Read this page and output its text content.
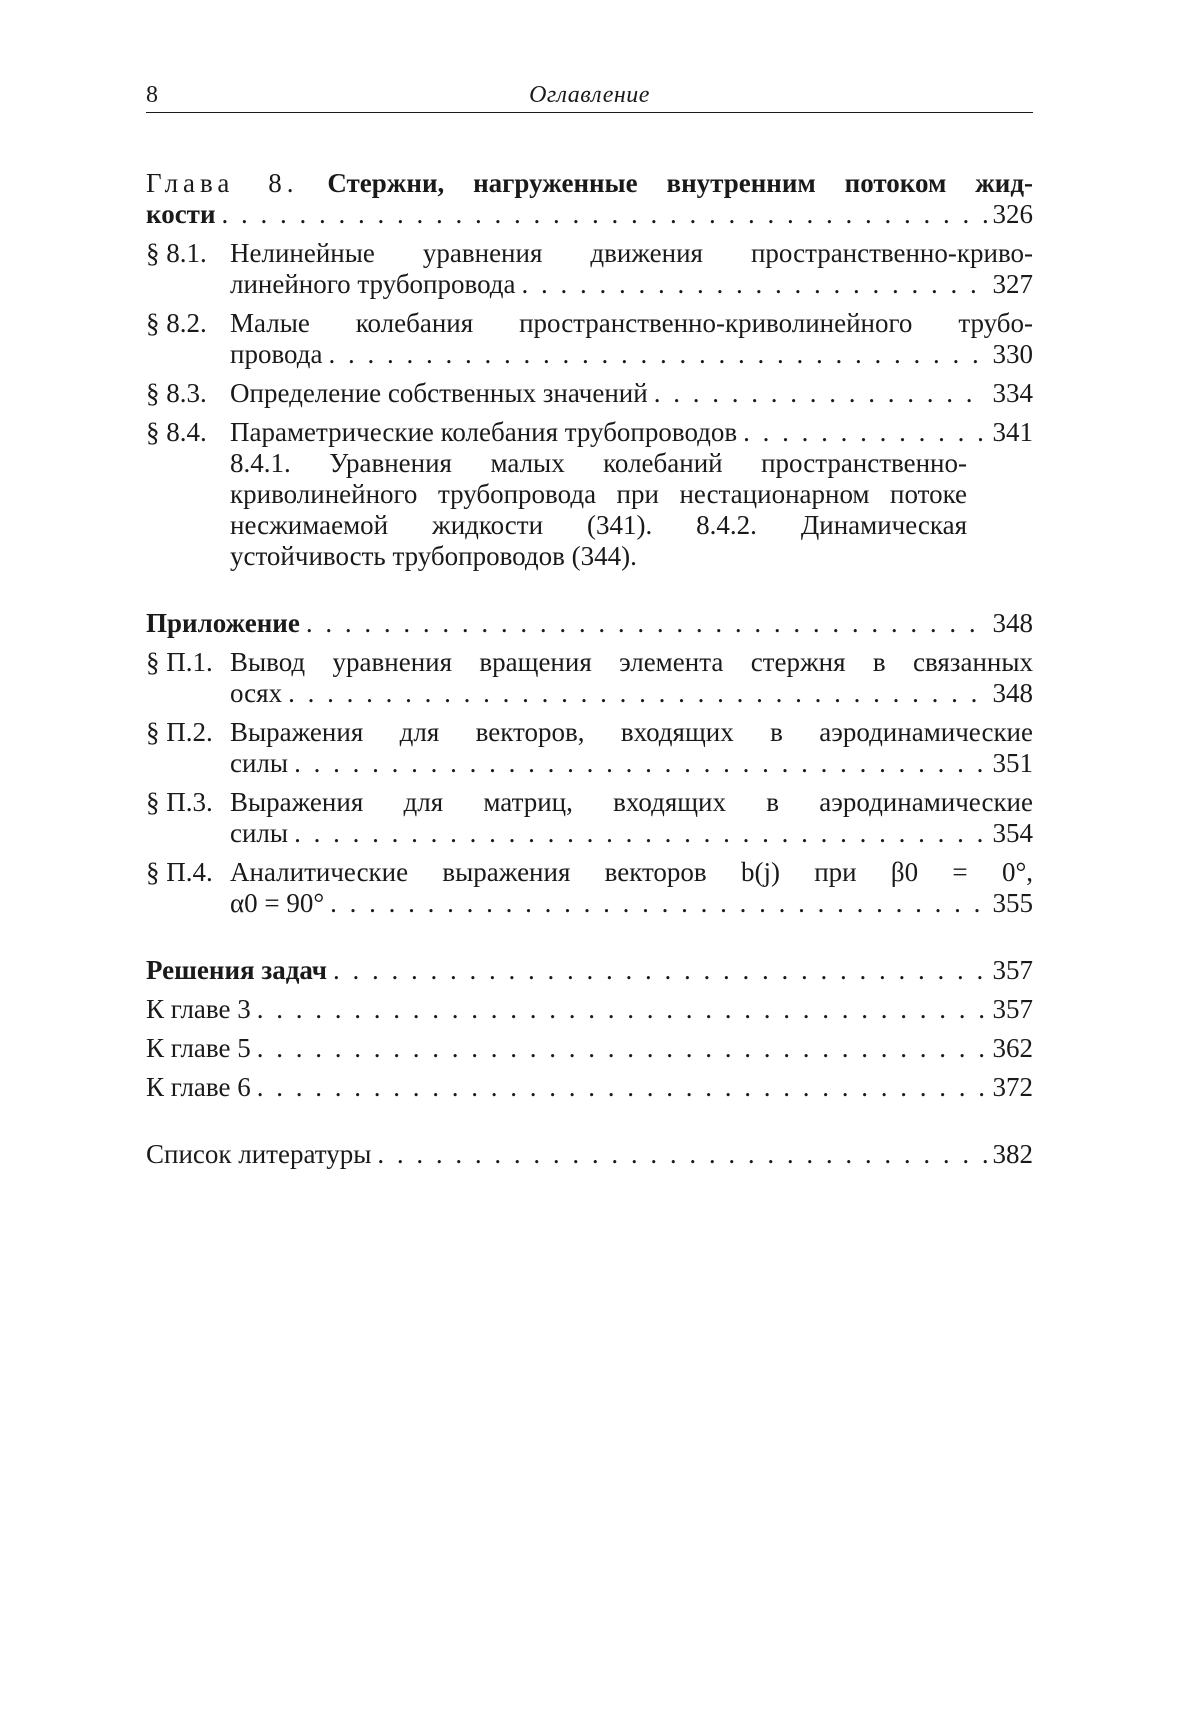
8	Оглавление
Глава 8. Стержни, нагруженные внутренним потоком жид-
кости . . .	326
§ 8.1. Нелинейные уравнения движения пространственно-криво-
линейного трубопровода . . .	327
§ 8.2. Малые колебания пространственно-криволинейного трубо-
провода . . .	330
§ 8.3. Определение собственных значений . . .	334
§ 8.4. Параметрические колебания трубопроводов . . .	341
8.4.1. Уравнения малых колебаний пространственно-
криволинейного трубопровода при нестационарном потоке
несжимаемой жидкости (341). 8.4.2. Динамическая
устойчивость трубопроводов (344).
Приложение . . .	348
§ П.1. Вывод уравнения вращения элемента стержня в связанных
осях . . .	348
§ П.2. Выражения для векторов, входящих в аэродинамические
силы . . .	351
§ П.3. Выражения для матриц, входящих в аэродинамические
силы . . .	354
§ П.4. Аналитические выражения векторов b(j) при β0 = 0°,
α0 = 90° . . .	355
Решения задач . . .	357
К главе 3 . . .	357
К главе 5 . . .	362
К главе 6 . . .	372
Список литературы . . .	382
